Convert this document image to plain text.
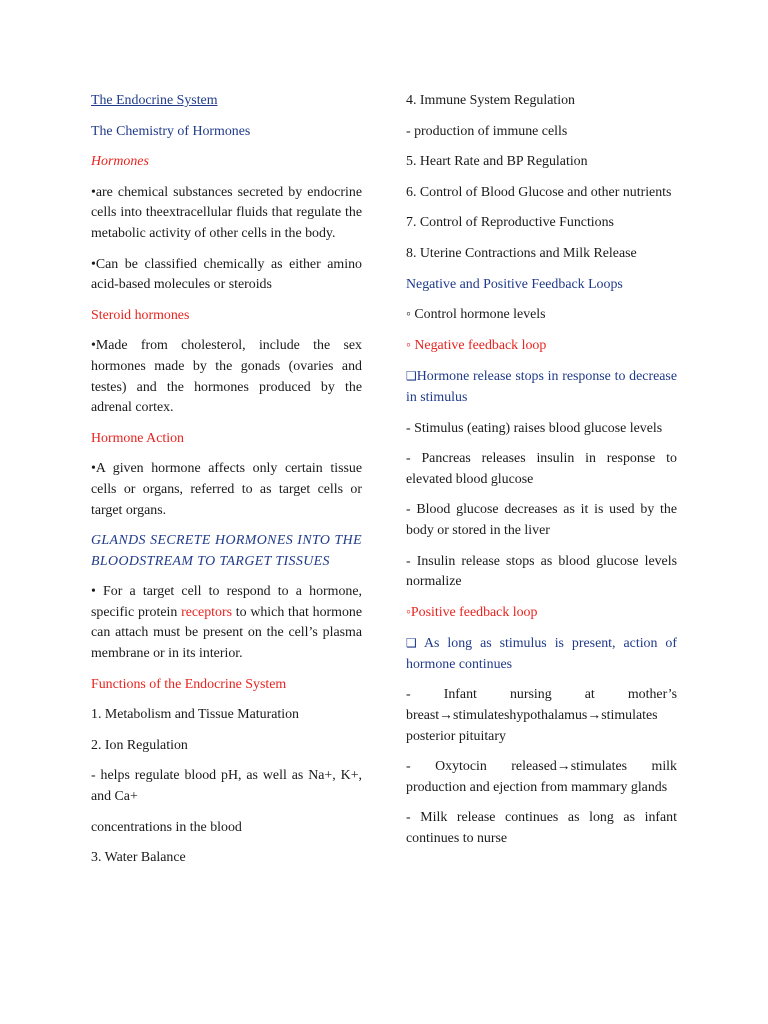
The Endocrine System

The Chemistry of Hormones

Hormones

•are chemical substances secreted by endocrine cells into theextracellular fluids that regulate the metabolic activity of other cells in the body.

•Can be classified chemically as either amino acid-based molecules or steroids

Steroid hormones

•Made from cholesterol, include the sex hormones made by the gonads (ovaries and testes) and the hormones produced by the adrenal cortex.

Hormone Action

•A given hormone affects only certain tissue cells or organs, referred to as target cells or target organs.

GLANDS SECRETE HORMONES INTO THE BLOODSTREAM TO TARGET TISSUES

• For a target cell to respond to a hormone, specific protein receptors to which that hormone can attach must be present on the cell’s plasma membrane or in its interior.

Functions of the Endocrine System

1. Metabolism and Tissue Maturation

2. Ion Regulation

- helps regulate blood pH, as well as Na+, K+, and Ca+

concentrations in the blood

3. Water Balance

4. Immune System Regulation

- production of immune cells

5. Heart Rate and BP Regulation

6. Control of Blood Glucose and other nutrients

7. Control of Reproductive Functions

8. Uterine Contractions and Milk Release

Negative and Positive Feedback Loops

◦ Control hormone levels

◦ Negative feedback loop

❑Hormone release stops in response to decrease in stimulus

- Stimulus (eating) raises blood glucose levels

- Pancreas releases insulin in response to elevated blood glucose

- Blood glucose decreases as it is used by the body or stored in the liver

- Insulin release stops as blood glucose levels normalize

◦Positive feedback loop

❑ As long as stimulus is present, action of hormone continues

- Infant nursing at mother’s breast→stimulateshypothalamus→stimulates posterior pituitary

- Oxytocin released→stimulates milk production and ejection from mammary glands

- Milk release continues as long as infant continues to nurse
